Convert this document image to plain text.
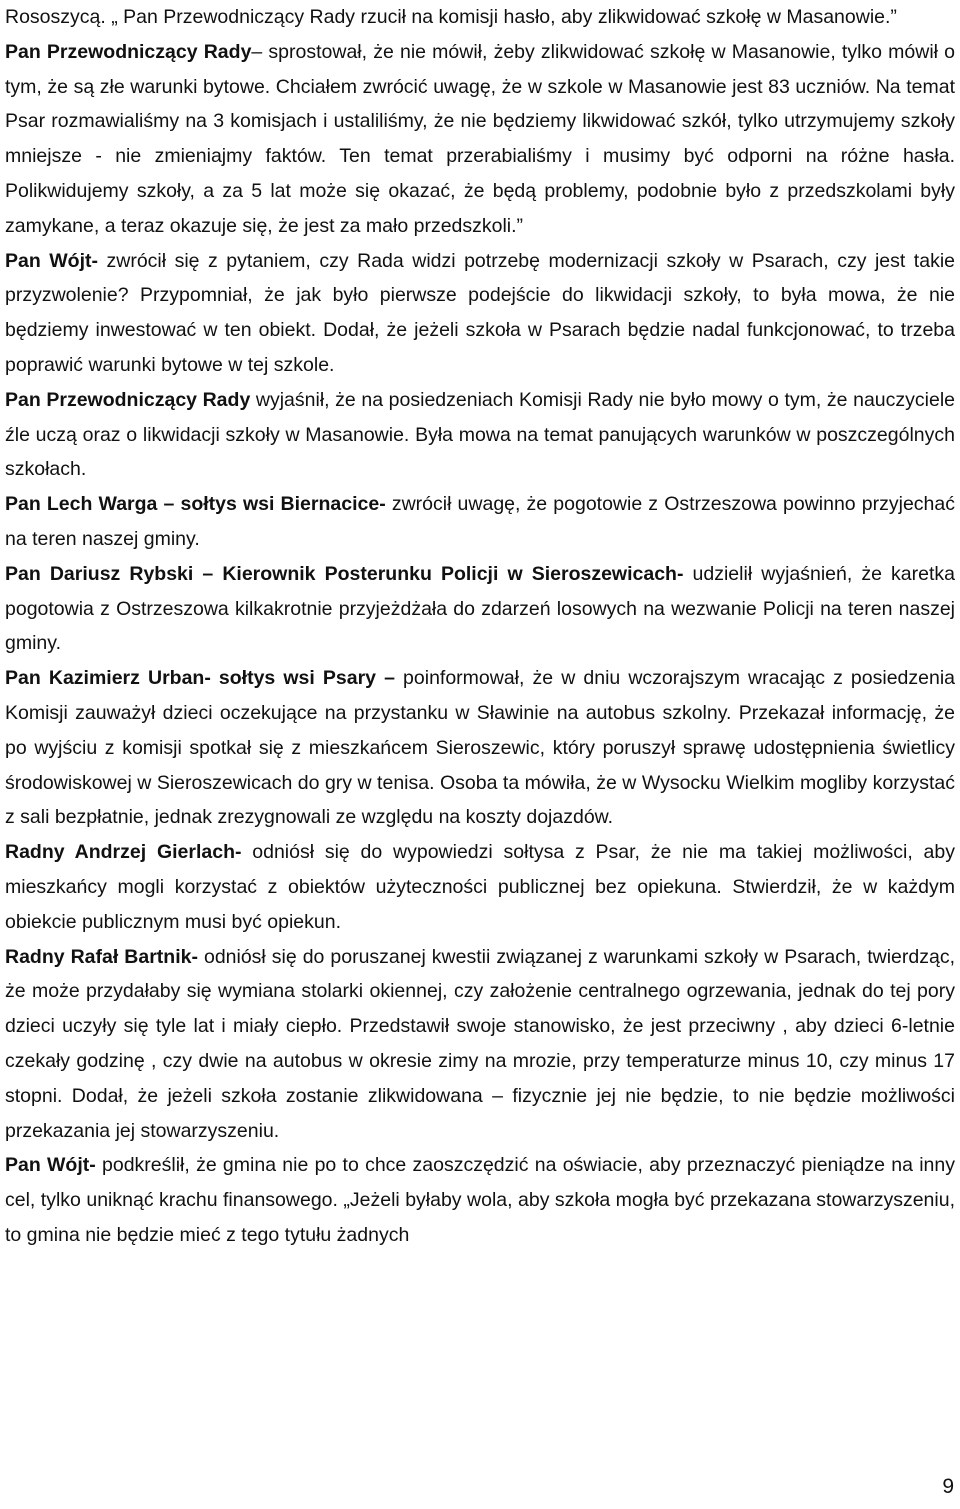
Rososzycą. „ Pan Przewodniczący Rady rzucił na komisji hasło, aby zlikwidować szkołę w Masanowie.”

Pan Przewodniczący Rady– sprostował, że nie mówił, żeby zlikwidować szkołę w Masanowie, tylko mówił o tym, że są złe warunki bytowe. Chciałem zwrócić uwagę, że w szkole w Masanowie jest 83 uczniów. Na temat Psar rozmawialiśmy na 3 komisjach i ustaliliśmy, że nie będziemy likwidować szkół, tylko utrzymujemy szkoły mniejsze - nie zmieniajmy faktów. Ten temat przerabialiśmy i musimy być odporni na różne hasła. Polikwidujemy szkoły, a za 5 lat może się okazać, że będą problemy, podobnie było z przedszkolami były zamykane, a teraz okazuje się, że jest za mało przedszkoli.”

Pan Wójt- zwrócił się z pytaniem, czy Rada widzi potrzebę modernizacji szkoły w Psarach, czy jest takie przyzwolenie? Przypomniał, że jak było pierwsze podejście do likwidacji szkoły, to była mowa, że nie będziemy inwestować w ten obiekt. Dodał, że jeżeli szkoła w Psarach będzie nadal funkcjonować, to trzeba poprawić warunki bytowe w tej szkole.

Pan Przewodniczący Rady wyjaśnił, że na posiedzeniach Komisji Rady nie było mowy o tym, że nauczyciele źle uczą oraz o likwidacji szkoły w Masanowie. Była mowa na temat panujących warunków w poszczególnych szkołach.

Pan Lech Warga – sołtys wsi Biernacice- zwrócił uwagę, że pogotowie z Ostrzeszowa powinno przyjechać na teren naszej gminy.

Pan Dariusz Rybski – Kierownik Posterunku Policji w Sieroszewicach- udzielił wyjaśnień, że karetka pogotowia z Ostrzeszowa kilkakrotnie przyjeżdżała do zdarzeń losowych na wezwanie Policji na teren naszej gminy.

Pan Kazimierz Urban- sołtys wsi Psary – poinformował, że w dniu wczorajszym wracając z posiedzenia Komisji zauważył dzieci oczekujące na przystanku w Sławinie na autobus szkolny. Przekazał informację, że po wyjściu z komisji spotkał się z mieszkańcem Sieroszewic, który poruszył sprawę udostępnienia świetlicy środowiskowej w Sieroszewicach do gry w tenisa. Osoba ta mówiła, że w Wysocku Wielkim mogliby korzystać z sali bezpłatnie, jednak zrezygnowali ze względu na koszty dojazdów.

Radny Andrzej Gierlach- odniósł się do wypowiedzi sołtysa z Psar, że nie ma takiej możliwości, aby mieszkańcy mogli korzystać z obiektów użyteczności publicznej bez opiekuna. Stwierdził, że w każdym obiekcie publicznym musi być opiekun.

Radny Rafał Bartnik- odniósł się do poruszanej kwestii związanej z warunkami szkoły w Psarach, twierdząc, że może przydałaby się wymiana stolarki okiennej, czy założenie centralnego ogrzewania, jednak do tej pory dzieci uczyły się tyle lat i miały ciepło. Przedstawił swoje stanowisko, że jest przeciwny , aby dzieci 6-letnie czekały godzinę , czy dwie na autobus w okresie zimy na mrozie, przy temperaturze minus 10, czy minus 17 stopni. Dodał, że jeżeli szkoła zostanie zlikwidowana – fizycznie jej nie będzie, to nie będzie możliwości przekazania jej stowarzyszeniu.

Pan Wójt- podkreślił, że gmina nie po to chce zaoszczędzić na oświacie, aby przeznaczyć pieniądze na inny cel, tylko uniknąć krachu finansowego. „Jeżeli byłaby wola, aby szkoła mogła być przekazana stowarzyszeniu, to gmina nie będzie mieć z tego tytułu żadnych

9
